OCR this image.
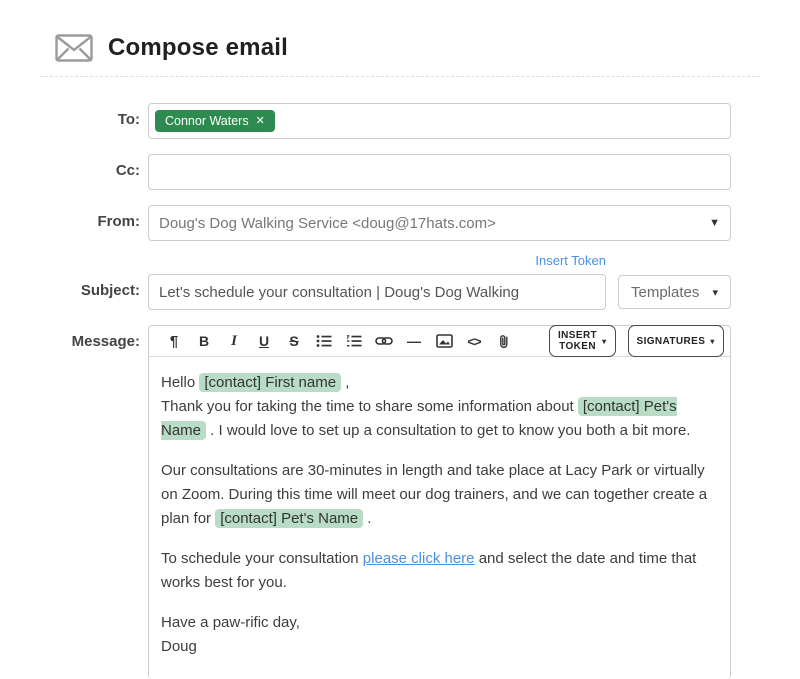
Compose email
To:	Connor Waters ✕
Cc:
From:	Doug's Dog Walking Service <doug@17hats.com>	▼
Insert Token
Subject:
Let's schedule your consultation | Doug's Dog Walking	Templates ▾
Message:	¶ B I U S	—	<>	INSERT TOKEN ▾	SIGNATURES ▾

Hello [contact] First name ,
Thank you for taking the time to share some information about [contact] Pet's Name . I would love to set up a consultation to get to know you both a bit more.

Our consultations are 30-minutes in length and take place at Lacy Park or virtually on Zoom. During this time will meet our dog trainers, and we can together create a plan for [contact] Pet's Name .

To schedule your consultation please click here and select the date and time that works best for you.

Have a paw-rific day,
Doug
